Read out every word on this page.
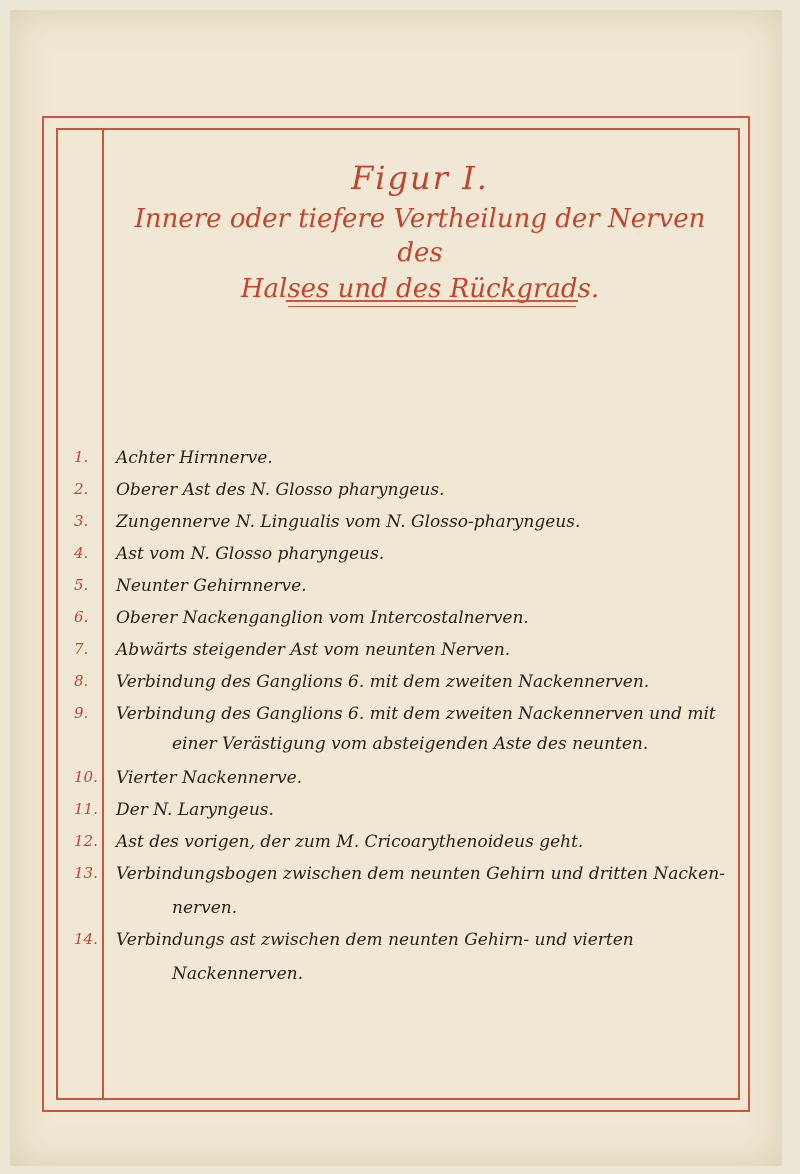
Figur I.
Innere oder tiefere Vertheilung der Nerven des
Halses und des Rückgrads.
1.	Achter Hirnnerve.
2.	Oberer Ast des N. Glosso pharyngeus.
3.	Zungennerve N. Lingualis vom N. Glosso-pharyngeus.
4.	Ast vom N. Glosso pharyngeus.
5.	Neunter Gehirnnerve.
6.	Oberer Nackenganglion vom Intercostalnerven.
7.	Abwärts steigender Ast vom neunten Nerven.
8.	Verbindung des Ganglions 6. mit dem zweiten Nackennerven.
9.	Verbindung des Ganglions 6. mit dem zweiten Nackennerven und mit
einer Verästigung vom absteigenden Aste des neunten.
10.	Vierter Nackennerve.
11.	Der N. Laryngeus.
12.	Ast des vorigen, der zum M. Cricoarythenoideus geht.
13.	Verbindungsbogen zwischen dem neunten Gehirn und dritten Nacken-
nerven.
14.	Verbindungs ast zwischen dem neunten Gehirn- und vierten
Nackennerven.
